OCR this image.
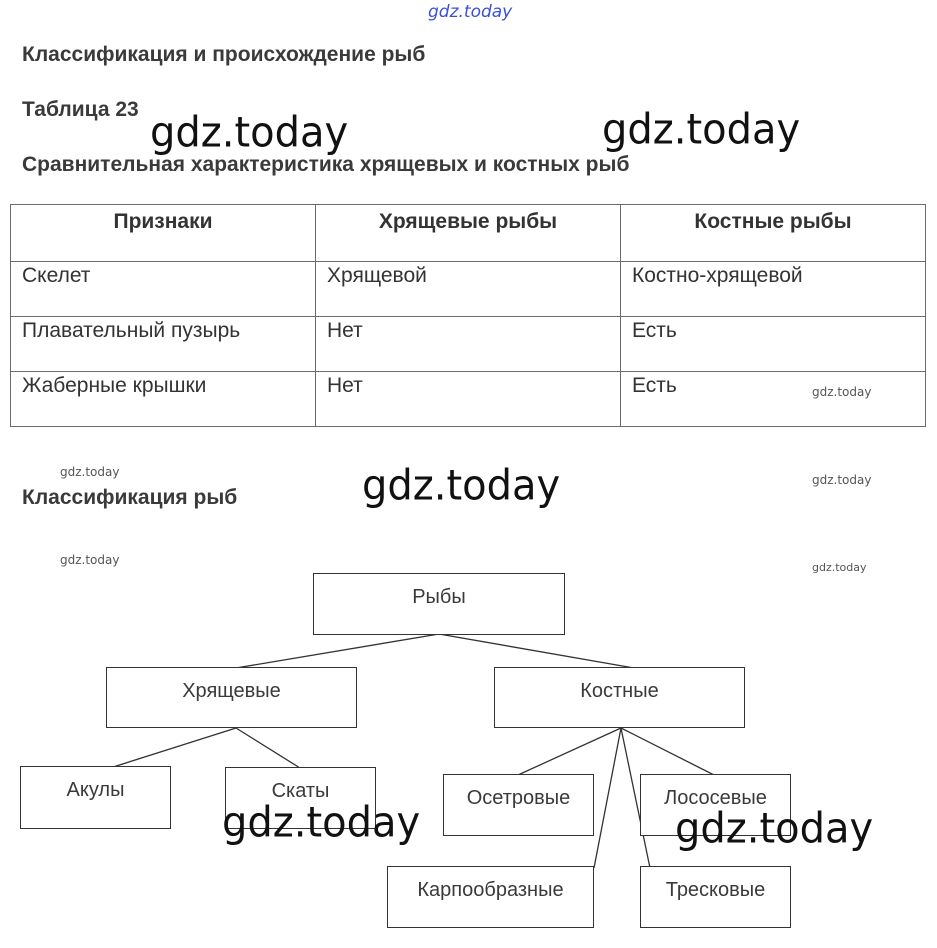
gdz.today
Классификация и происхождение рыб
Таблица 23
Сравнительная характеристика хрящевых и костных рыб
Признаки	Хрящевые рыбы	Костные рыбы
Скелет	Хрящевой	Костно-хрящевой
Плавательный пузырь	Нет	Есть
Жаберные крышки	Нет	Есть
Классификация рыб
Рыбы
Хрящевые	Костные
Акулы	Скаты	Осетровые	Лососевые
Карпообразные	Тресковые
gdz.today	gdz.today
gdz.today
gdz.today	gdz.today
gdz.today
gdz.today
gdz.today
gdz.today
gdz.today
